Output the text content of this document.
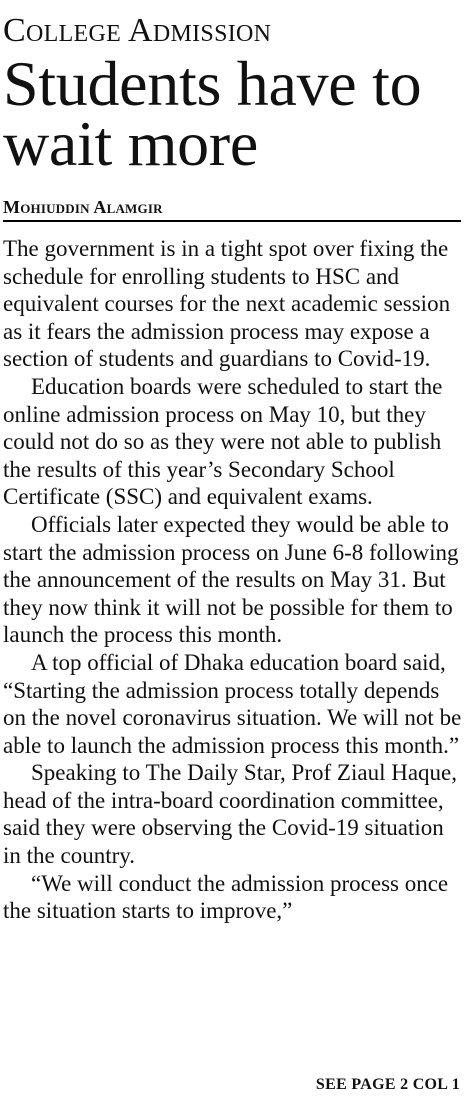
College Admission
Students have to wait more
Mohiuddin Alamgir

The government is in a tight spot over fixing the schedule for enrolling students to HSC and equivalent courses for the next academic session as it fears the admission process may expose a section of students and guardians to Covid-19.

Education boards were scheduled to start the online admission process on May 10, but they could not do so as they were not able to publish the results of this year’s Secondary School Certificate (SSC) and equivalent exams.

Officials later expected they would be able to start the admission process on June 6-8 following the announcement of the results on May 31. But they now think it will not be possible for them to launch the process this month.

A top official of Dhaka education board said, “Starting the admission process totally depends on the novel coronavirus situation. We will not be able to launch the admission process this month.”

Speaking to The Daily Star, Prof Ziaul Haque, head of the intra-board coordination committee, said they were observing the Covid-19 situation in the country.

“We will conduct the admission process once the situation starts to improve,”

SEE PAGE 2 COL 1
